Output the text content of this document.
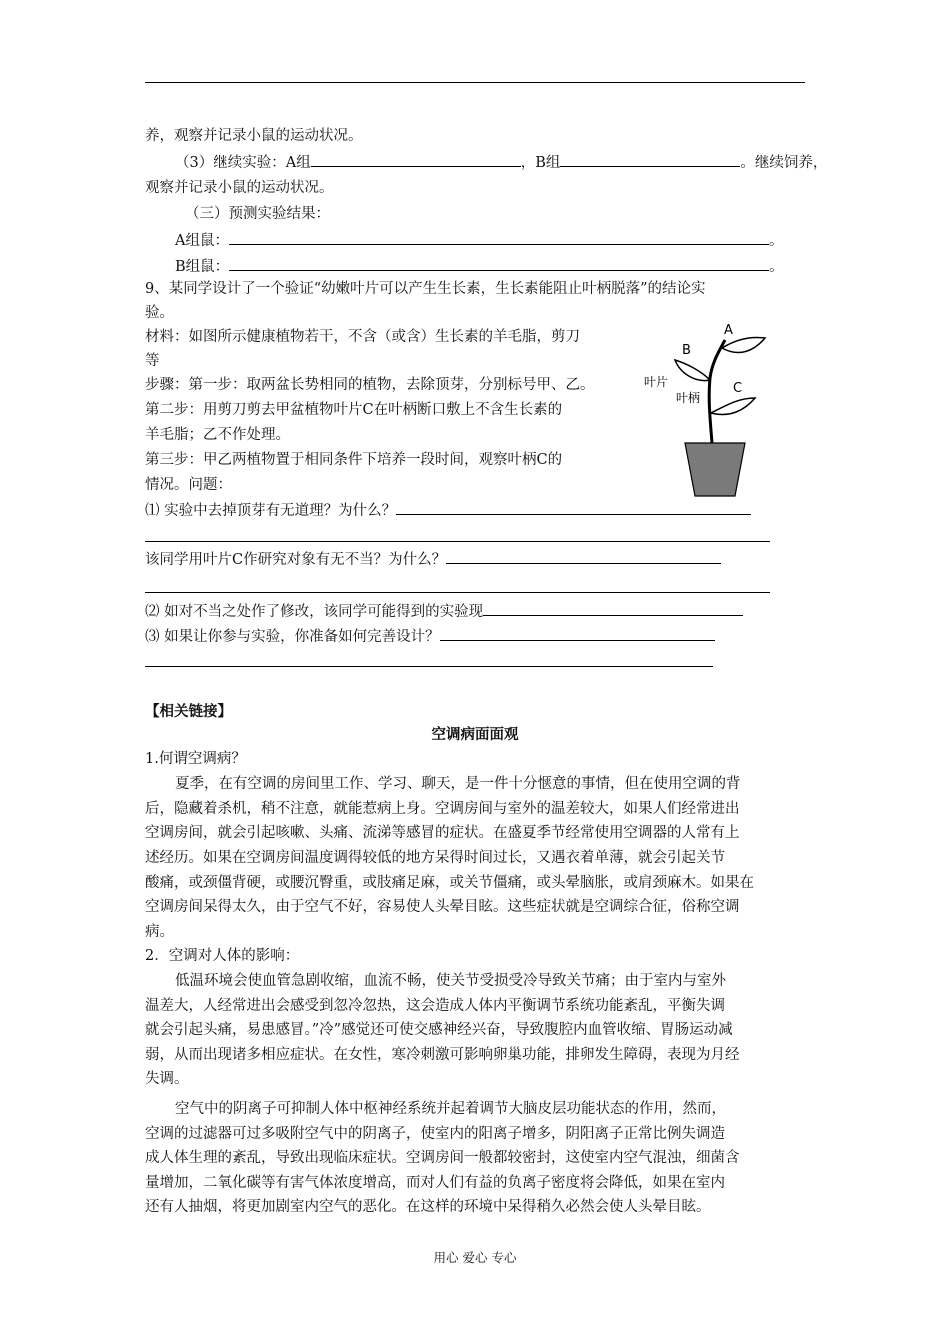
养，观察并记录小鼠的运动状况。
（3）继续实验：A组	，B组	。继续饲养，
观察并记录小鼠的运动状况。
（三）预测实验结果：
A组鼠：	。
B组鼠：	。
9、某同学设计了一个验证“幼嫩叶片可以产生生长素，生长素能阻止叶柄脱落”的结论实
验。
材料：如图所示健康植物若干，不含（或含）生长素的羊毛脂，剪刀
等
步骤：第一步：取两盆长势相同的植物，去除顶芽，分别标号甲、乙。
第二步：用剪刀剪去甲盆植物叶片C在叶柄断口敷上不含生长素的
羊毛脂；乙不作处理。
第三步：甲乙两植物置于相同条件下培养一段时间，观察叶柄C的
情况。问题：
⑴ 实验中去掉顶芽有无道理？为什么？
该同学用叶片C作研究对象有无不当？为什么？
⑵ 如对不当之处作了修改，该同学可能得到的实验现
⑶ 如果让你参与实验，你准备如何完善设计？
A
B
C
叶片
叶柄
【相关链接】
空调病面面观
1.何谓空调病？
夏季，在有空调的房间里工作、学习、聊天，是一件十分惬意的事情，但在使用空调的背
后，隐藏着杀机，稍不注意，就能惹病上身。空调房间与室外的温差较大，如果人们经常进出
空调房间，就会引起咳嗽、头痛、流涕等感冒的症状。在盛夏季节经常使用空调器的人常有上
述经历。如果在空调房间温度调得较低的地方呆得时间过长，又遇衣着单薄，就会引起关节
酸痛，或颈僵背硬，或腰沉臀重，或肢痛足麻，或关节僵痛，或头晕脑胀，或肩颈麻木。如果在
空调房间呆得太久，由于空气不好，容易使人头晕目眩。这些症状就是空调综合征，俗称空调
病。
2．空调对人体的影响：
低温环境会使血管急剧收缩，血流不畅，使关节受损受冷导致关节痛；由于室内与室外
温差大，人经常进出会感受到忽冷忽热，这会造成人体内平衡调节系统功能紊乱，平衡失调
就会引起头痛，易患感冒。”冷”感觉还可使交感神经兴奋，导致腹腔内血管收缩、胃肠运动减
弱，从而出现诸多相应症状。在女性，寒冷刺激可影响卵巢功能，排卵发生障碍，表现为月经
失调。
空气中的阴离子可抑制人体中枢神经系统并起着调节大脑皮层功能状态的作用，然而，
空调的过滤器可过多吸附空气中的阴离子，使室内的阳离子增多，阴阳离子正常比例失调造
成人体生理的紊乱，导致出现临床症状。空调房间一般都较密封，这使室内空气混浊，细菌含
量增加，二氧化碳等有害气体浓度增高，而对人们有益的负离子密度将会降低，如果在室内
还有人抽烟，将更加剧室内空气的恶化。在这样的环境中呆得稍久必然会使人头晕目眩。
用心 爱心 专心
